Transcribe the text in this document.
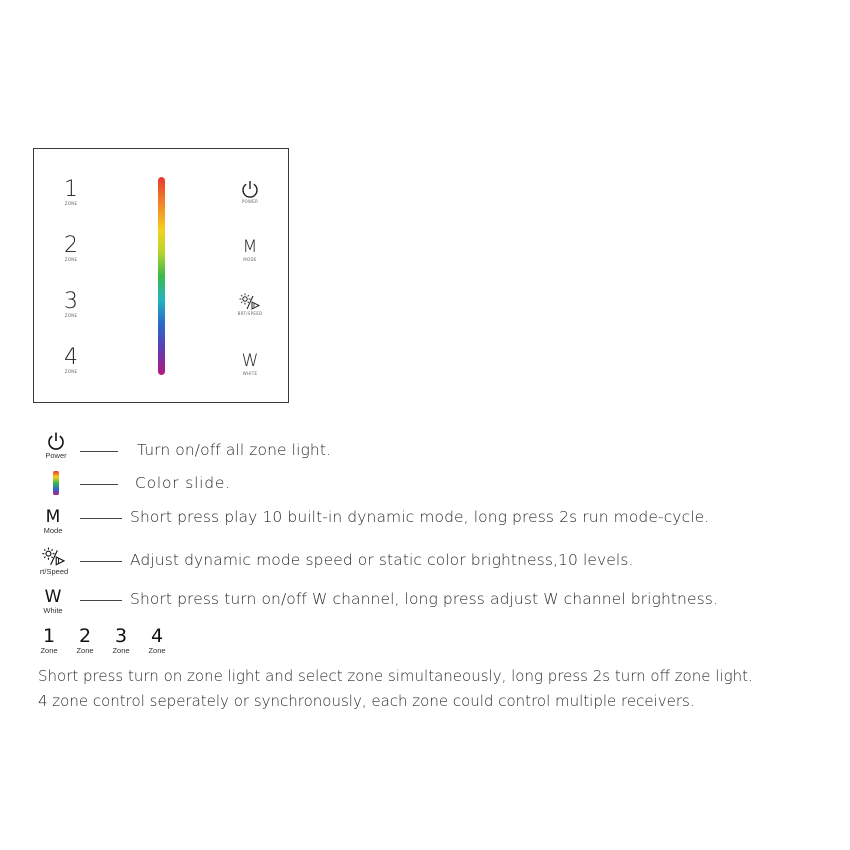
1
ZONE
2
ZONE
3
ZONE
4
ZONE
POWER
M
MODE
BRT/SPEED
W
WHITE
Power	Turn on/off all zone light.
Color slide.
M
Mode
Short press play 10 built-in dynamic mode, long press 2s run mode-cycle.
rt/Speed
Adjust dynamic mode speed or static color brightness,10 levels.
W
White
Short press turn on/off W channel, long press adjust W channel brightness.
1
Zone
2
Zone
3
Zone
4
Zone
Short press turn on zone light and select zone simultaneously, long press 2s turn off zone light.
4 zone control seperately or synchronously, each zone could control multiple receivers.
